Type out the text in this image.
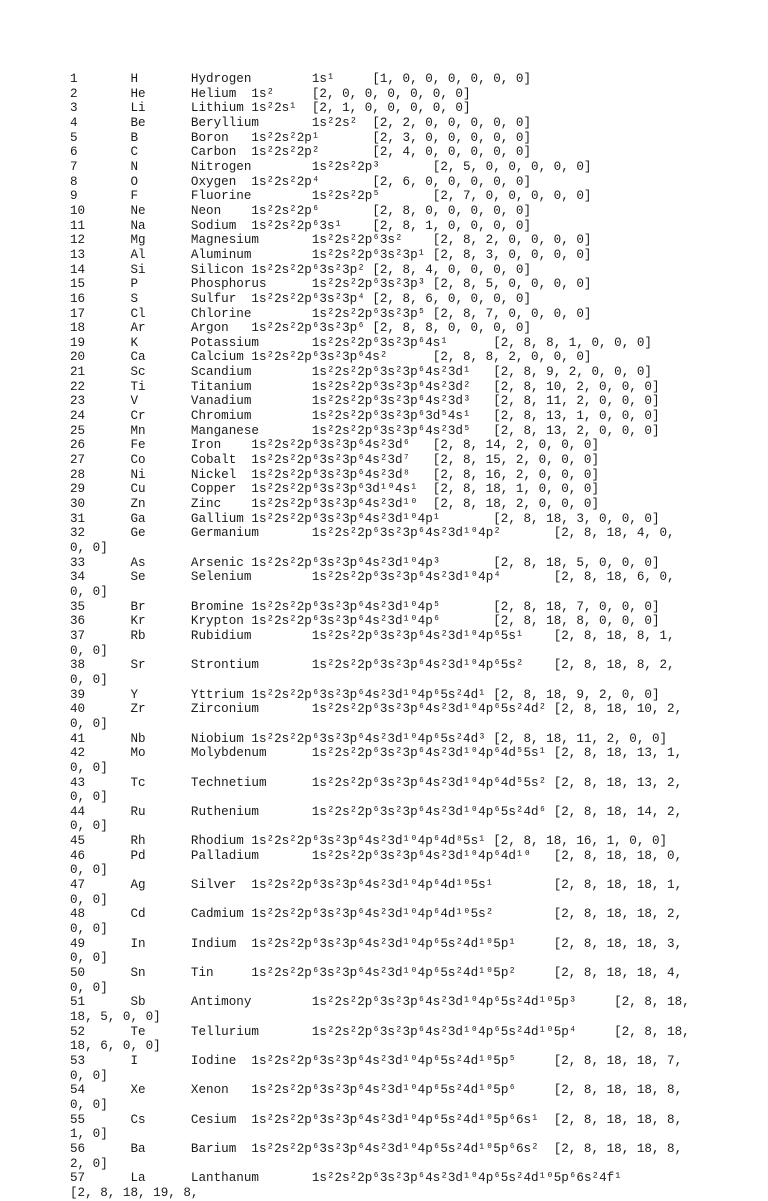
1	H	Hydrogen	1s¹	[1, 0, 0, 0, 0, 0, 0]
2	He	Helium	1s²	[2, 0, 0, 0, 0, 0, 0]
3	Li	Lithium	1s²2s¹	[2, 1, 0, 0, 0, 0, 0]
4	Be	Beryllium	1s²2s²	[2, 2, 0, 0, 0, 0, 0]
5	B	Boron	1s²2s²2p¹	[2, 3, 0, 0, 0, 0, 0]
6	C	Carbon	1s²2s²2p²	[2, 4, 0, 0, 0, 0, 0]
7	N	Nitrogen	1s²2s²2p³	[2, 5, 0, 0, 0, 0, 0]
8	O	Oxygen	1s²2s²2p⁴	[2, 6, 0, 0, 0, 0, 0]
9	F	Fluorine	1s²2s²2p⁵	[2, 7, 0, 0, 0, 0, 0]
10	Ne	Neon	1s²2s²2p⁶	[2, 8, 0, 0, 0, 0, 0]
11	Na	Sodium	1s²2s²2p⁶3s¹	[2, 8, 1, 0, 0, 0, 0]
12	Mg	Magnesium	1s²2s²2p⁶3s²	[2, 8, 2, 0, 0, 0, 0]
13	Al	Aluminum	1s²2s²2p⁶3s²3p¹	[2, 8, 3, 0, 0, 0, 0]
14	Si	Silicon	1s²2s²2p⁶3s²3p²	[2, 8, 4, 0, 0, 0, 0]
15	P	Phosphorus	1s²2s²2p⁶3s²3p³	[2, 8, 5, 0, 0, 0, 0]
16	S	Sulfur	1s²2s²2p⁶3s²3p⁴	[2, 8, 6, 0, 0, 0, 0]
17	Cl	Chlorine	1s²2s²2p⁶3s²3p⁵	[2, 8, 7, 0, 0, 0, 0]
18	Ar	Argon	1s²2s²2p⁶3s²3p⁶	[2, 8, 8, 0, 0, 0, 0]
19	K	Potassium	1s²2s²2p⁶3s²3p⁶4s¹	[2, 8, 8, 1, 0, 0, 0]
20	Ca	Calcium	1s²2s²2p⁶3s²3p⁶4s²	[2, 8, 8, 2, 0, 0, 0]
21	Sc	Scandium	1s²2s²2p⁶3s²3p⁶4s²3d¹	[2, 8, 9, 2, 0, 0, 0]
22	Ti	Titanium	1s²2s²2p⁶3s²3p⁶4s²3d²	[2, 8, 10, 2, 0, 0, 0]
23	V	Vanadium	1s²2s²2p⁶3s²3p⁶4s²3d³	[2, 8, 11, 2, 0, 0, 0]
24	Cr	Chromium	1s²2s²2p⁶3s²3p⁶3d⁵4s¹	[2, 8, 13, 1, 0, 0, 0]
25	Mn	Manganese	1s²2s²2p⁶3s²3p⁶4s²3d⁵	[2, 8, 13, 2, 0, 0, 0]
26	Fe	Iron	1s²2s²2p⁶3s²3p⁶4s²3d⁶	[2, 8, 14, 2, 0, 0, 0]
27	Co	Cobalt	1s²2s²2p⁶3s²3p⁶4s²3d⁷	[2, 8, 15, 2, 0, 0, 0]
28	Ni	Nickel	1s²2s²2p⁶3s²3p⁶4s²3d⁸	[2, 8, 16, 2, 0, 0, 0]
29	Cu	Copper	1s²2s²2p⁶3s²3p⁶3d¹⁰4s¹	[2, 8, 18, 1, 0, 0, 0]
30	Zn	Zinc	1s²2s²2p⁶3s²3p⁶4s²3d¹⁰	[2, 8, 18, 2, 0, 0, 0]
31	Ga	Gallium	1s²2s²2p⁶3s²3p⁶4s²3d¹⁰4p¹	[2, 8, 18, 3, 0, 0, 0]
32	Ge	Germanium	1s²2s²2p⁶3s²3p⁶4s²3d¹⁰4p²	[2, 8, 18, 4, 0, 0, 0]
33	As	Arsenic	1s²2s²2p⁶3s²3p⁶4s²3d¹⁰4p³	[2, 8, 18, 5, 0, 0, 0]
34	Se	Selenium	1s²2s²2p⁶3s²3p⁶4s²3d¹⁰4p⁴	[2, 8, 18, 6, 0, 0, 0]
35	Br	Bromine	1s²2s²2p⁶3s²3p⁶4s²3d¹⁰4p⁵	[2, 8, 18, 7, 0, 0, 0]
36	Kr	Krypton	1s²2s²2p⁶3s²3p⁶4s²3d¹⁰4p⁶	[2, 8, 18, 8, 0, 0, 0]
37	Rb	Rubidium	1s²2s²2p⁶3s²3p⁶4s²3d¹⁰4p⁶5s¹	[2, 8, 18, 8, 1, 0, 0]
38	Sr	Strontium	1s²2s²2p⁶3s²3p⁶4s²3d¹⁰4p⁶5s²	[2, 8, 18, 8, 2, 0, 0]
39	Y	Yttrium	1s²2s²2p⁶3s²3p⁶4s²3d¹⁰4p⁶5s²4d¹	[2, 8, 18, 9, 2, 0, 0]
40	Zr	Zirconium	1s²2s²2p⁶3s²3p⁶4s²3d¹⁰4p⁶5s²4d²	[2, 8, 18, 10, 2, 0, 0]
41	Nb	Niobium	1s²2s²2p⁶3s²3p⁶4s²3d¹⁰4p⁶5s²4d³	[2, 8, 18, 11, 2, 0, 0]
42	Mo	Molybdenum	1s²2s²2p⁶3s²3p⁶4s²3d¹⁰4p⁶4d⁵5s¹	[2, 8, 18, 13, 1, 0, 0]
43	Tc	Technetium	1s²2s²2p⁶3s²3p⁶4s²3d¹⁰4p⁶4d⁵5s²	[2, 8, 18, 13, 2, 0, 0]
44	Ru	Ruthenium	1s²2s²2p⁶3s²3p⁶4s²3d¹⁰4p⁶5s²4d⁶	[2, 8, 18, 14, 2, 0, 0]
45	Rh	Rhodium	1s²2s²2p⁶3s²3p⁶4s²3d¹⁰4p⁶4d⁸5s¹	[2, 8, 18, 16, 1, 0, 0]
46	Pd	Palladium	1s²2s²2p⁶3s²3p⁶4s²3d¹⁰4p⁶4d¹⁰	[2, 8, 18, 18, 0, 0, 0]
47	Ag	Silver	1s²2s²2p⁶3s²3p⁶4s²3d¹⁰4p⁶4d¹⁰5s¹	[2, 8, 18, 18, 1, 0, 0]
48	Cd	Cadmium	1s²2s²2p⁶3s²3p⁶4s²3d¹⁰4p⁶4d¹⁰5s²	[2, 8, 18, 18, 2, 0, 0]
49	In	Indium	1s²2s²2p⁶3s²3p⁶4s²3d¹⁰4p⁶5s²4d¹⁰5p¹	[2, 8, 18, 18, 3, 0, 0]
50	Sn	Tin	1s²2s²2p⁶3s²3p⁶4s²3d¹⁰4p⁶5s²4d¹⁰5p²	[2, 8, 18, 18, 4, 0, 0]
51	Sb	Antimony	1s²2s²2p⁶3s²3p⁶4s²3d¹⁰4p⁶5s²4d¹⁰5p³	[2, 8, 18, 18, 5, 0, 0]
52	Te	Tellurium	1s²2s²2p⁶3s²3p⁶4s²3d¹⁰4p⁶5s²4d¹⁰5p⁴	[2, 8, 18, 18, 6, 0, 0]
53	I	Iodine	1s²2s²2p⁶3s²3p⁶4s²3d¹⁰4p⁶5s²4d¹⁰5p⁵	[2, 8, 18, 18, 7, 0, 0]
54	Xe	Xenon	1s²2s²2p⁶3s²3p⁶4s²3d¹⁰4p⁶5s²4d¹⁰5p⁶	[2, 8, 18, 18, 8, 0, 0]
55	Cs	Cesium	1s²2s²2p⁶3s²3p⁶4s²3d¹⁰4p⁶5s²4d¹⁰5p⁶6s¹	[2, 8, 18, 18, 8, 1, 0]
56	Ba	Barium	1s²2s²2p⁶3s²3p⁶4s²3d¹⁰4p⁶5s²4d¹⁰5p⁶6s²	[2, 8, 18, 18, 8, 2, 0]
57	La	Lanthanum	1s²2s²2p⁶3s²3p⁶4s²3d¹⁰4p⁶5s²4d¹⁰5p⁶6s²4f¹	[2, 8, 18, 19, 8,
